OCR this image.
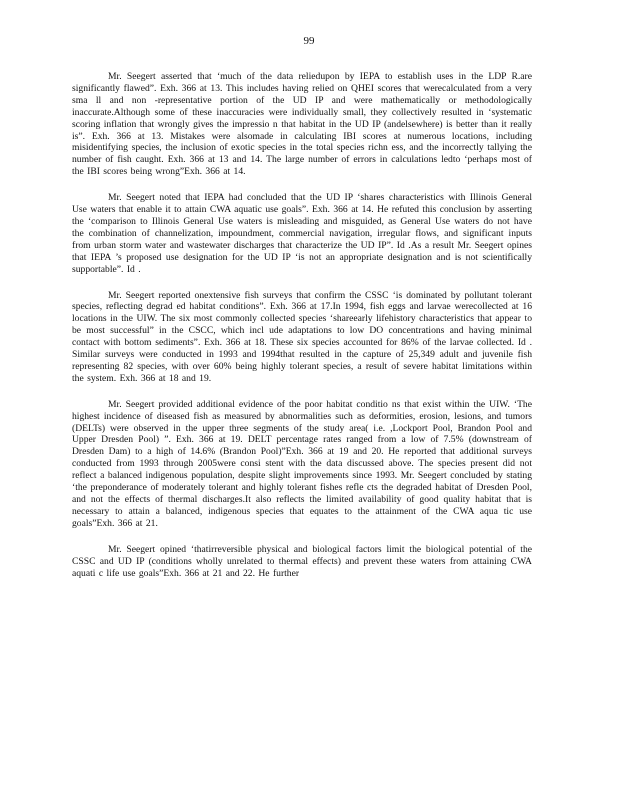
99

Mr. Seegert asserted that ‘much of the data reliedupon by IEPA to establish uses in the LDP R.are significantly flawed”. Exh. 366 at 13. This includes having relied on QHEI scores that werecalculated from a very sma ll and non -representative portion of the UD IP and were mathematically or methodologically inaccurate.Although some of these inaccuracies were individually small, they collectively resulted in ‘systematic scoring inflation that wrongly gives the impressio n that habitat in the UD IP (andelsewhere) is better than it really is”. Exh. 366 at 13. Mistakes were alsomade in calculating IBI scores at numerous locations, including misidentifying species, the inclusion of exotic species in the total species richn ess, and the incorrectly tallying the number of fish caught. Exh. 366 at 13 and 14. The large number of errors in calculations ledto ‘perhaps most of the IBI scores being wrong”Exh. 366 at 14.

Mr. Seegert noted that IEPA had concluded that the UD IP ‘shares characteristics with Illinois General Use waters that enable it to attain CWA aquatic use goals”. Exh. 366 at 14. He refuted this conclusion by asserting the ‘comparison to Illinois General Use waters is misleading and misguided, as General Use waters do not have the combination of channelization, impoundment, commercial navigation, irregular flows, and significant inputs from urban storm water and wastewater discharges that characterize the UD IP”. Id .As a result Mr. Seegert opines that IEPA ’s proposed use designation for the UD IP ‘is not an appropriate designation and is not scientifically supportable”. Id .

Mr. Seegert reported onextensive fish surveys that confirm the CSSC ‘is dominated by pollutant tolerant species, reflecting degrad ed habitat conditions”. Exh. 366 at 17.In 1994, fish eggs and larvae werecollected at 16 locations in the UIW. The six most commonly collected species ‘shareearly lifehistory characteristics that appear to be most successful” in the CSCC, which incl ude adaptations to low DO concentrations and having minimal contact with bottom sediments”. Exh. 366 at 18. These six species accounted for 86% of the larvae collected. Id . Similar surveys were conducted in 1993 and 1994that resulted in the capture of 25,349 adult and juvenile fish representing 82 species, with over 60% being highly tolerant species, a result of severe habitat limitations within the system. Exh. 366 at 18 and 19.

Mr. Seegert provided additional evidence of the poor habitat conditio ns that exist within the UIW. ‘The highest incidence of diseased fish as measured by abnormalities such as deformities, erosion, lesions, and tumors (DELTs) were observed in the upper three segments of the study area( i.e. ,Lockport Pool, Brandon Pool and Upper Dresden Pool) ”. Exh. 366 at 19. DELT percentage rates ranged from a low of 7.5% (downstream of Dresden Dam) to a high of 14.6% (Brandon Pool)”Exh. 366 at 19 and 20. He reported that additional surveys conducted from 1993 through 2005were consi stent with the data discussed above. The species present did not reflect a balanced indigenous population, despite slight improvements since 1993. Mr. Seegert concluded by stating ‘the preponderance of moderately tolerant and highly tolerant fishes refle cts the degraded habitat of Dresden Pool, and not the effects of thermal discharges.It also reflects the limited availability of good quality habitat that is necessary to attain a balanced, indigenous species that equates to the attainment of the CWA aqua tic use goals”Exh. 366 at 21.

Mr. Seegert opined ‘thatirreversible physical and biological factors limit the biological potential of the CSSC and UD IP (conditions wholly unrelated to thermal effects) and prevent these waters from attaining CWA aquati c life use goals”Exh. 366 at 21 and 22. He further
